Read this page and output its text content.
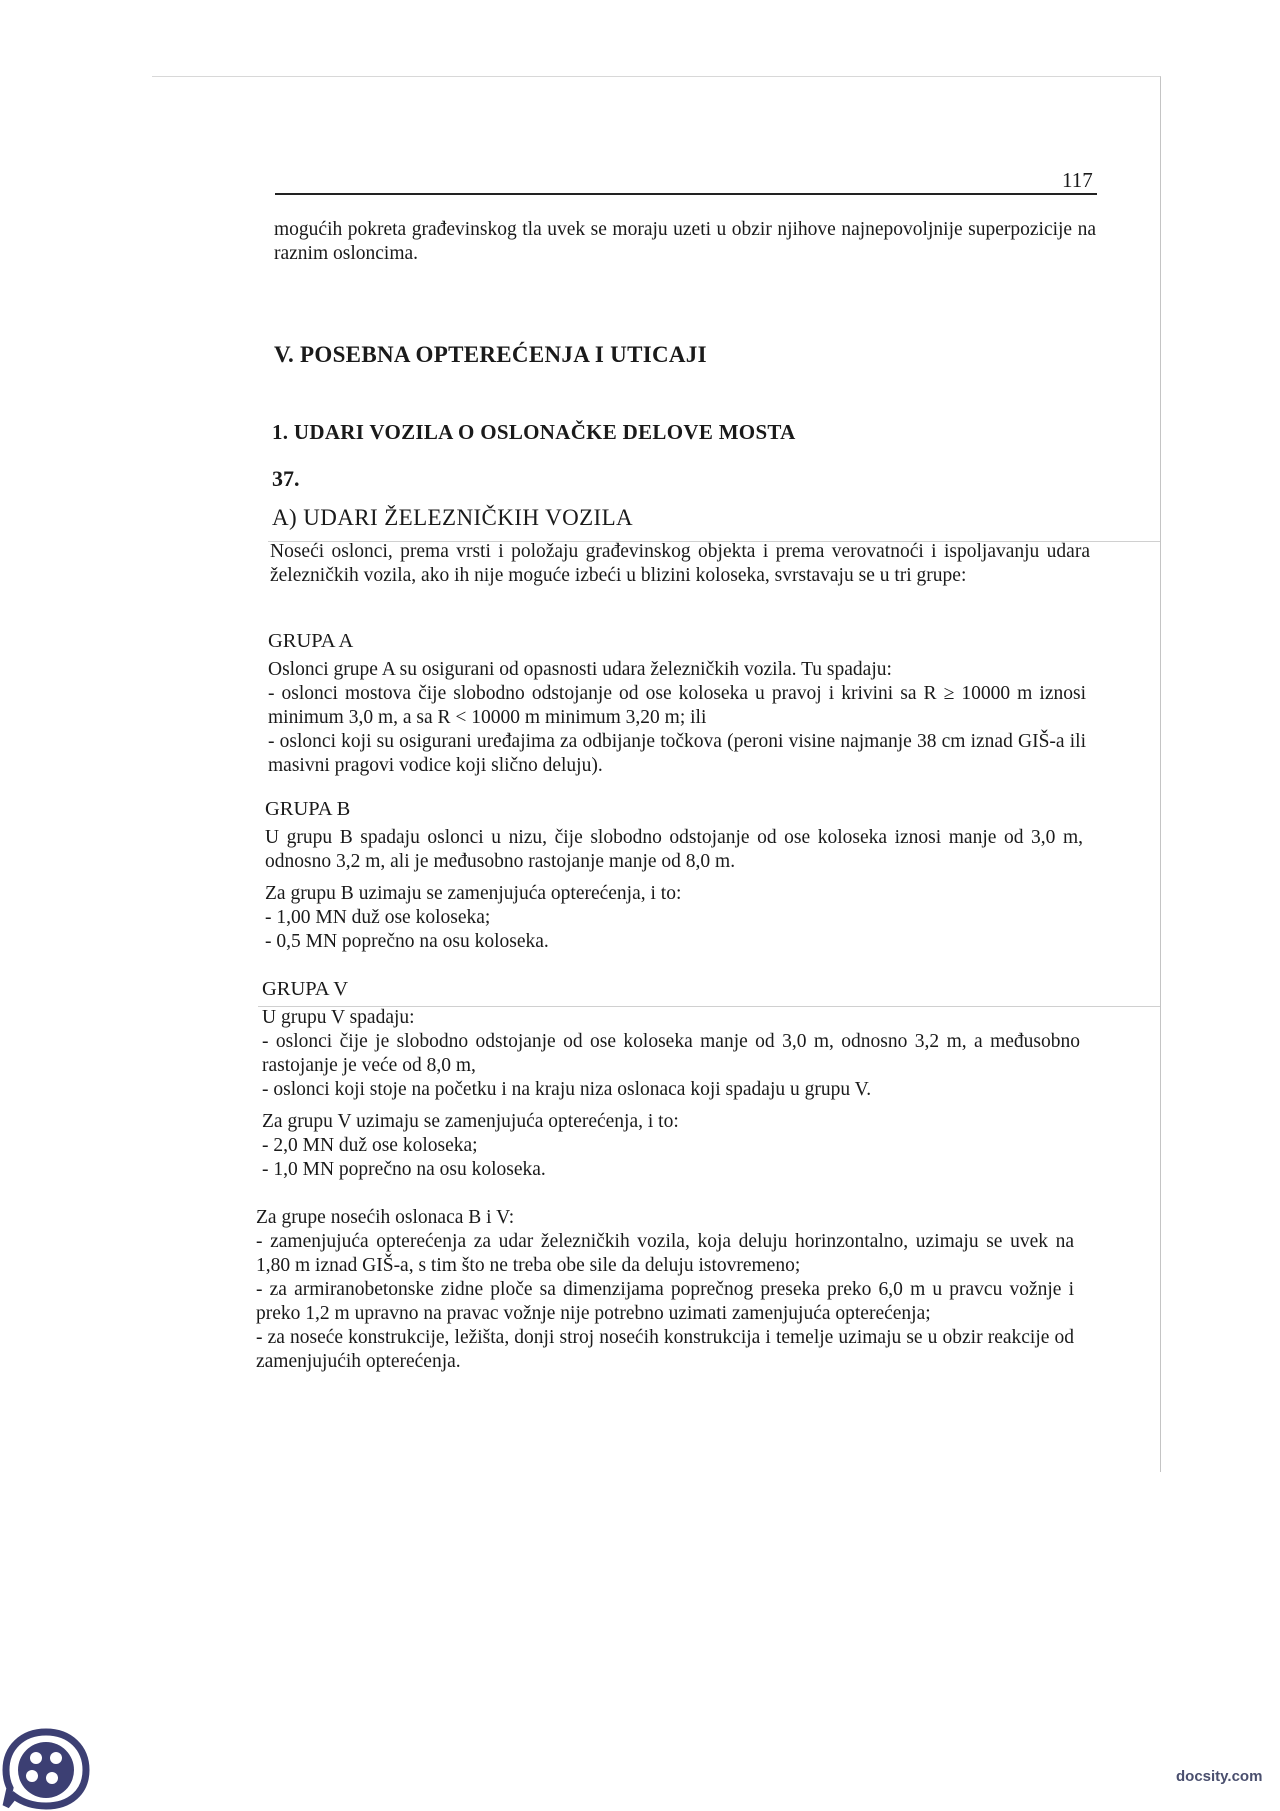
117

mogućih pokreta građevinskog tla uvek se moraju uzeti u obzir njihove najnepovoljnije superpozicije na raznim osloncima.

V. POSEBNA OPTEREĆENJA I UTICAJI
1. UDARI VOZILA O OSLONAČKE DELOVE MOSTA
37.
A) UDARI ŽELEZNIČKIH VOZILA

Noseći oslonci, prema vrsti i položaju građevinskog objekta i prema verovatnoći i ispoljavanju udara železničkih vozila, ako ih nije moguće izbeći u blizini koloseka, svrstavaju se u tri grupe:

GRUPA A

Oslonci grupe A su osigurani od opasnosti udara železničkih vozila. Tu spadaju:

- oslonci mostova čije slobodno odstojanje od ose koloseka u pravoj i krivini sa R ≥ 10000 m iznosi minimum 3,0 m, a sa R < 10000 m minimum 3,20 m; ili

- oslonci koji su osigurani uređajima za odbijanje točkova (peroni visine najmanje 38 cm iznad GIŠ-a ili masivni pragovi vodice koji slično deluju).

GRUPA B

U grupu B spadaju oslonci u nizu, čije slobodno odstojanje od ose koloseka iznosi manje od 3,0 m, odnosno 3,2 m, ali je međusobno rastojanje manje od 8,0 m.

Za grupu B uzimaju se zamenjujuća opterećenja, i to:

- 1,00 MN duž ose koloseka;

- 0,5 MN poprečno na osu koloseka.

GRUPA V

U grupu V spadaju:

- oslonci čije je slobodno odstojanje od ose koloseka manje od 3,0 m, odnosno 3,2 m, a međusobno rastojanje je veće od 8,0 m,

- oslonci koji stoje na početku i na kraju niza oslonaca koji spadaju u grupu V.

Za grupu V uzimaju se zamenjujuća opterećenja, i to:

- 2,0 MN duž ose koloseka;

- 1,0 MN poprečno na osu koloseka.

Za grupe nosećih oslonaca B i V:

- zamenjujuća opterećenja za udar železničkih vozila, koja deluju horinzontalno, uzimaju se uvek na 1,80 m iznad GIŠ-a, s tim što ne treba obe sile da deluju istovremeno;

- za armiranobetonske zidne ploče sa dimenzijama poprečnog preseka preko 6,0 m u pravcu vožnje i preko 1,2 m upravno na pravac vožnje nije potrebno uzimati zamenjujuća opterećenja;

- za noseće konstrukcije, ležišta, donji stroj nosećih konstrukcija i temelje uzimaju se u obzir reakcije od zamenjujućih opterećenja.

docsity.com
